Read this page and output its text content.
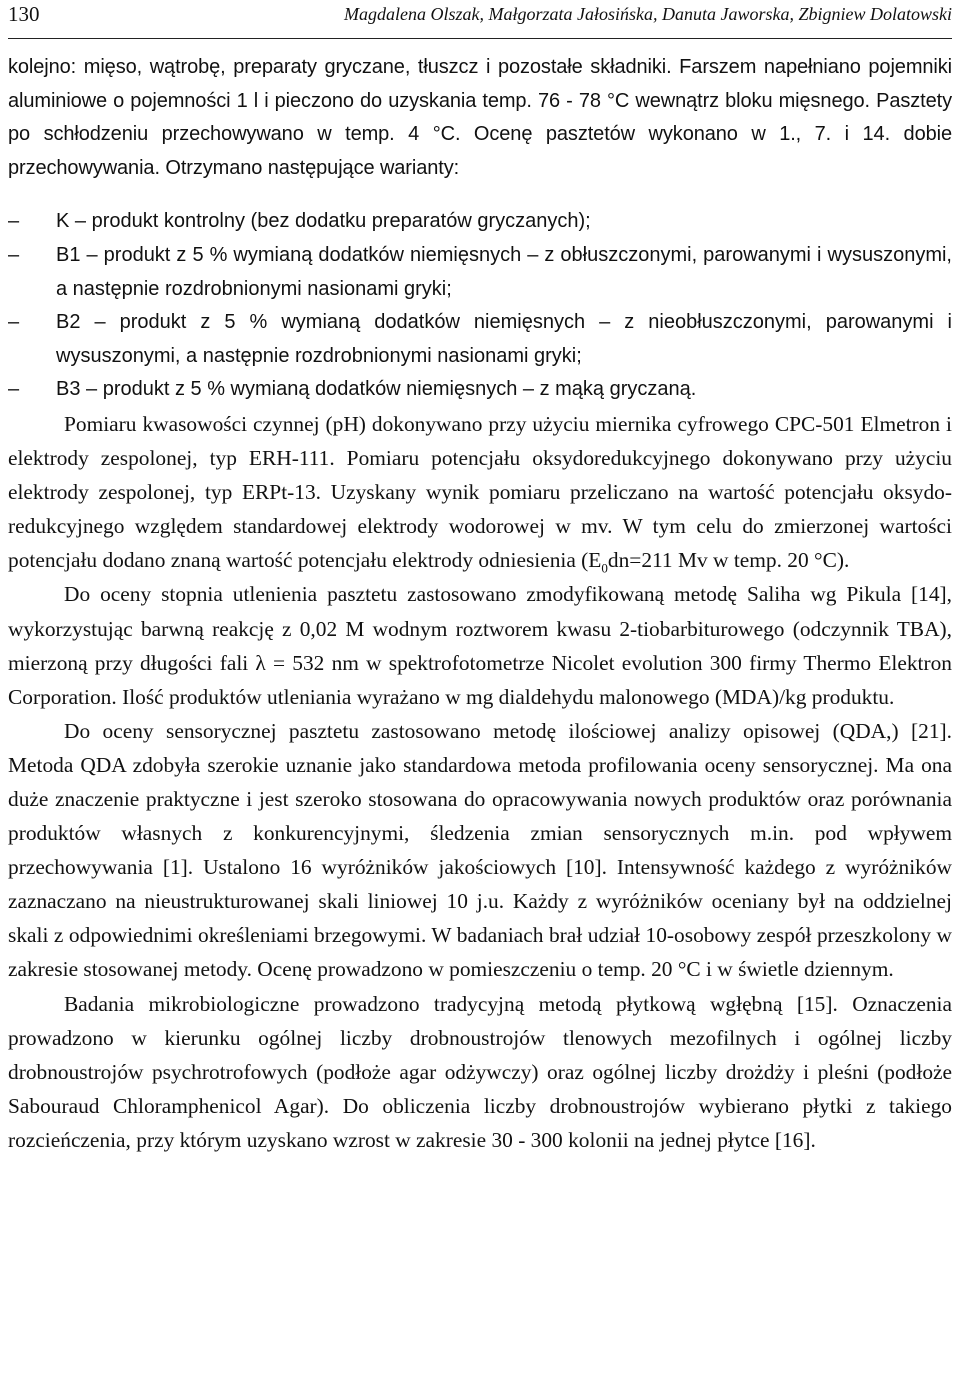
130	Magdalena Olszak, Małgorzata Jałosińska, Danuta Jaworska, Zbigniew Dolatowski

kolejno: mięso, wątrobę, preparaty gryczane, tłuszcz i pozostałe składniki. Farszem napełniano pojemniki aluminiowe o pojemności 1 l i pieczono do uzyskania temp. 76 - 78 °C wewnątrz bloku mięsnego. Pasztety po schłodzeniu przechowywano w temp. 4 °C. Ocenę pasztetów wykonano w 1., 7. i 14. dobie przechowywania. Otrzymano następujące warianty:

– K – produkt kontrolny (bez dodatku preparatów gryczanych);
– B1 – produkt z 5 % wymianą dodatków niemięsnych – z obłuszczonymi, parowanymi i wysuszonymi, a następnie rozdrobnionymi nasionami gryki;
– B2 – produkt z 5 % wymianą dodatków niemięsnych – z nieobłuszczonymi, parowanymi i wysuszonymi, a następnie rozdrobnionymi nasionami gryki;
– B3 – produkt z 5 % wymianą dodatków niemięsnych – z mąką gryczaną.

Pomiaru kwasowości czynnej (pH) dokonywano przy użyciu miernika cyfrowego CPC-501 Elmetron i elektrody zespolonej, typ ERH-111. Pomiaru potencjału oksydoredukcyjnego dokonywano przy użyciu elektrody zespolonej, typ ERPt-13. Uzyskany wynik pomiaru przeliczano na wartość potencjału oksydo-redukcyjnego względem standardowej elektrody wodorowej w mv. W tym celu do zmierzonej wartości potencjału dodano znaną wartość potencjału elektrody odniesienia ($E_0dn=211$ Mv w temp. 20 °C).

Do oceny stopnia utlenienia pasztetu zastosowano zmodyfikowaną metodę Saliha wg Pikula [14], wykorzystując barwną reakcję z 0,02 M wodnym roztworem kwasu 2-tiobarbiturowego (odczynnik TBA), mierzoną przy długości fali λ = 532 nm w spektrofotometrze Nicolet evolution 300 firmy Thermo Elektron Corporation. Ilość produktów utleniania wyrażano w mg dialdehydu malonowego (MDA)/kg produktu.

Do oceny sensorycznej pasztetu zastosowano metodę ilościowej analizy opisowej (QDA,) [21]. Metoda QDA zdobyła szerokie uznanie jako standardowa metoda profilowania oceny sensorycznej. Ma ona duże znaczenie praktyczne i jest szeroko stosowana do opracowywania nowych produktów oraz porównania produktów własnych z konkurencyjnymi, śledzenia zmian sensorycznych m.in. pod wpływem przechowywania [1]. Ustalono 16 wyróżników jakościowych [10]. Intensywność każdego z wyróżników zaznaczano na nieustrukturowanej skali liniowej 10 j.u. Każdy z wyróżników oceniany był na oddzielnej skali z odpowiednimi określeniami brzegowymi. W badaniach brał udział 10-osobowy zespół przeszkolony w zakresie stosowanej metody. Ocenę prowadzono w pomieszczeniu o temp. 20 °C i w świetle dziennym.

Badania mikrobiologiczne prowadzono tradycyjną metodą płytkową wgłębną [15]. Oznaczenia prowadzono w kierunku ogólnej liczby drobnoustrojów tlenowych mezofilnych i ogólnej liczby drobnoustrojów psychrotrofowych (podłoże agar odżywczy) oraz ogólnej liczby drożdży i pleśni (podłoże Sabouraud Chloramphenicol Agar). Do obliczenia liczby drobnoustrojów wybierano płytki z takiego rozcieńczenia, przy którym uzyskano wzrost w zakresie 30 - 300 kolonii na jednej płytce [16].
